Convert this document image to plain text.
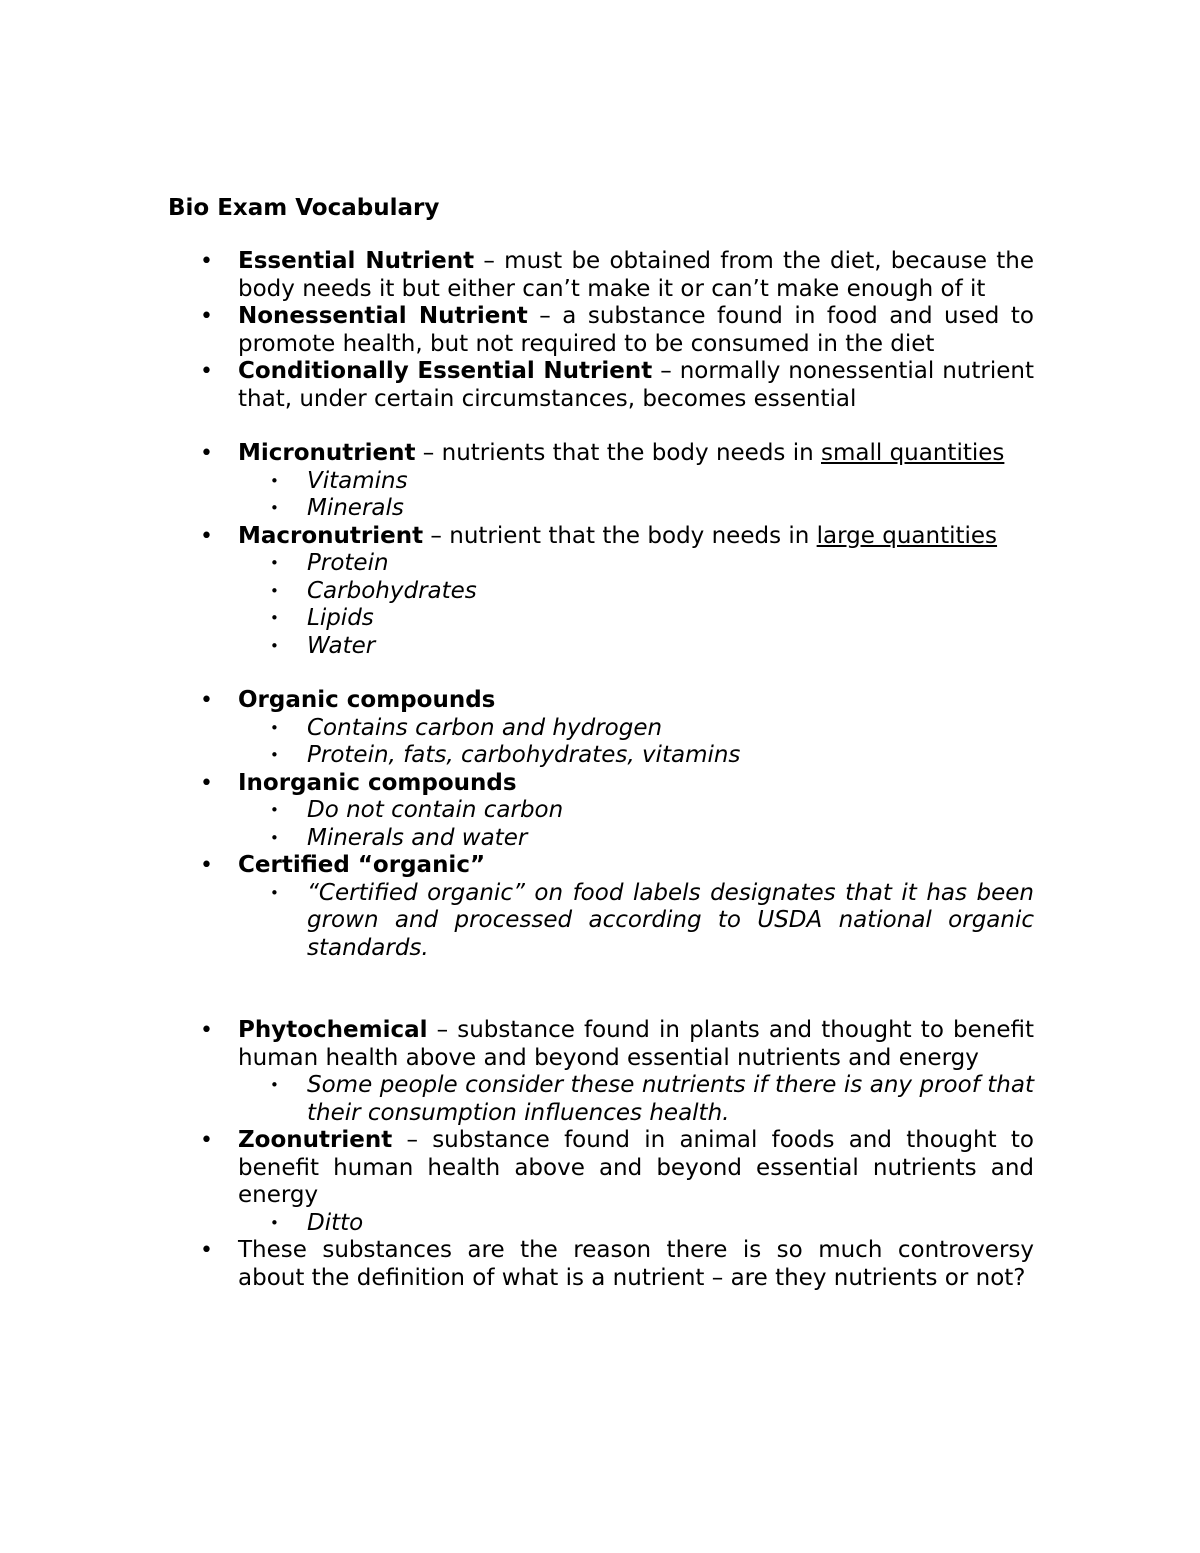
Bio Exam Vocabulary
• Essential Nutrient – must be obtained from the diet, because the body needs it but either can’t make it or can’t make enough of it
• Nonessential Nutrient – a substance found in food and used to promote health, but not required to be consumed in the diet
• Conditionally Essential Nutrient – normally nonessential nutrient that, under certain circumstances, becomes essential
• Micronutrient – nutrients that the body needs in small quantities
• Vitamins
• Minerals
• Macronutrient – nutrient that the body needs in large quantities
• Protein
• Carbohydrates
• Lipids
• Water
• Organic compounds
• Contains carbon and hydrogen
• Protein, fats, carbohydrates, vitamins
• Inorganic compounds
• Do not contain carbon
• Minerals and water
• Certified “organic”
• “Certified organic” on food labels designates that it has been grown and processed according to USDA national organic standards.
• Phytochemical – substance found in plants and thought to benefit human health above and beyond essential nutrients and energy
• Some people consider these nutrients if there is any proof that their consumption influences health.
• Zoonutrient – substance found in animal foods and thought to benefit human health above and beyond essential nutrients and energy
• Ditto
• These substances are the reason there is so much controversy about the definition of what is a nutrient – are they nutrients or not?
